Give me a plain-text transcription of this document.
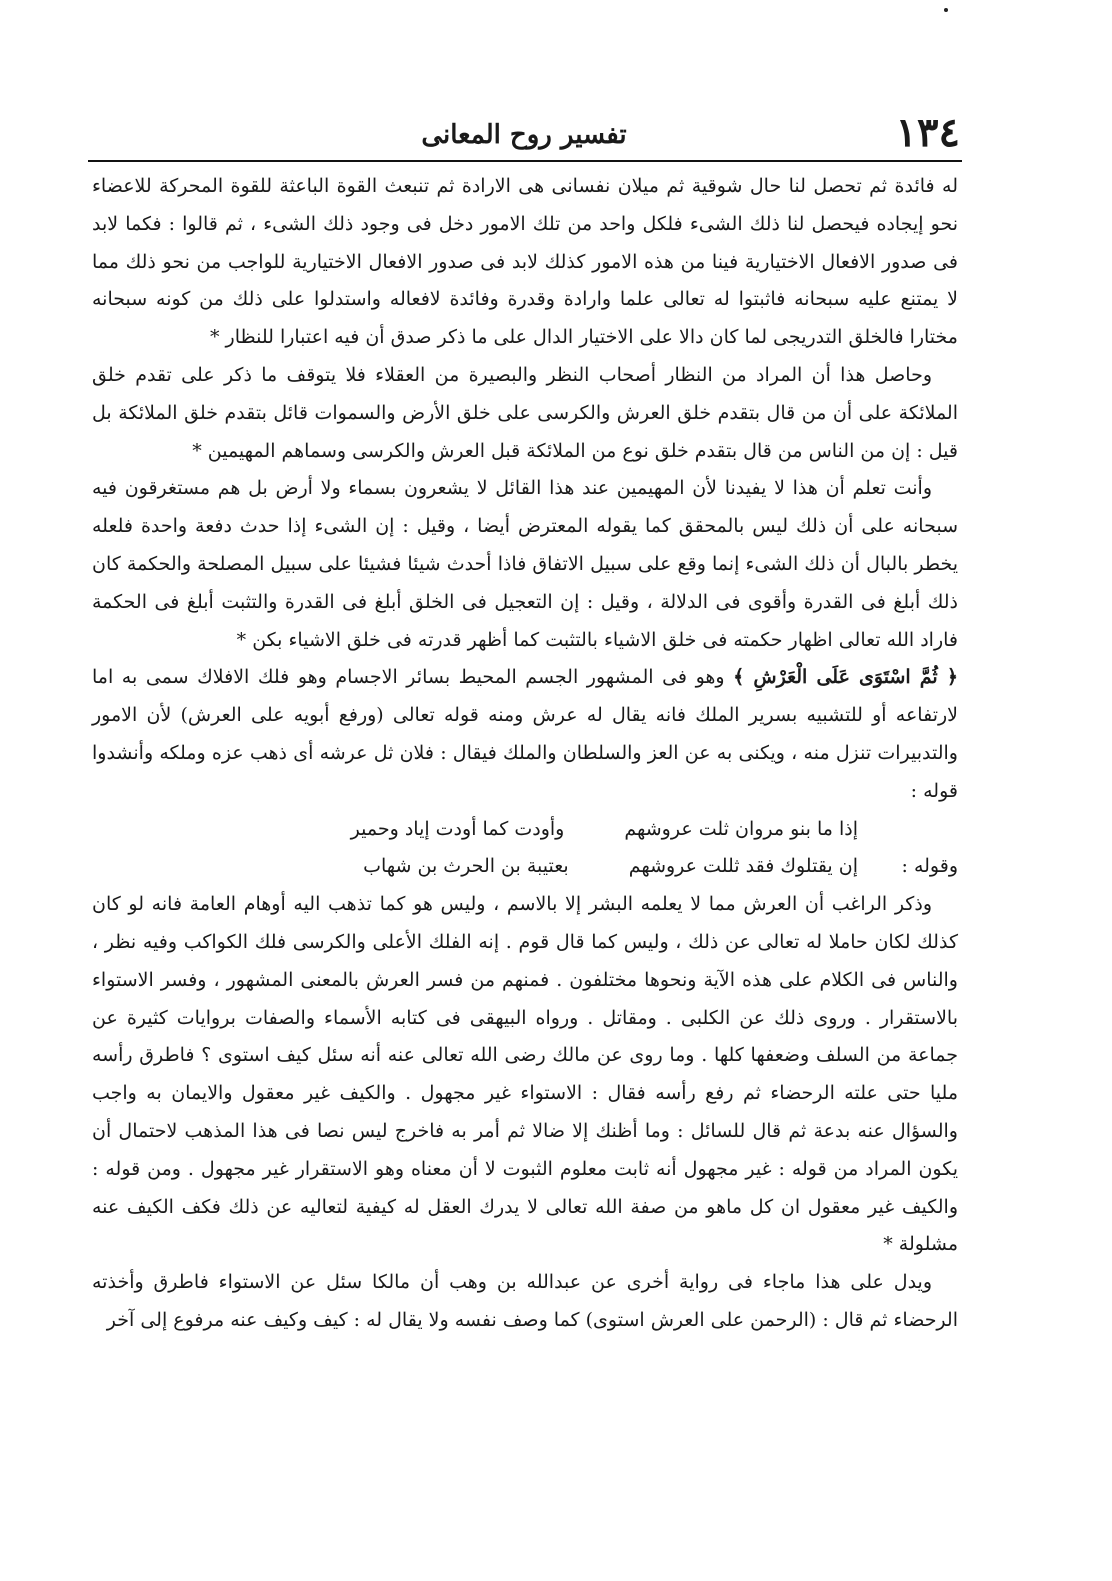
١٣٤
تفسير روح المعانى

له فائدة ثم تحصل لنا حال شوقية ثم ميلان نفسانى هى الارادة ثم تنبعث القوة الباعثة للقوة المحركة للاعضاء نحو إيجاده فيحصل لنا ذلك الشىء فلكل واحد من تلك الامور دخل فى وجود ذلك الشىء ، ثم قالوا : فكما لابد فى صدور الافعال الاختيارية فينا من هذه الامور كذلك لابد فى صدور الافعال الاختيارية للواجب من نحو ذلك مما لا يمتنع عليه سبحانه فاثبتوا له تعالى علما وارادة وقدرة وفائدة لافعاله واستدلوا على ذلك من كونه سبحانه مختارا فالخلق التدريجى لما كان دالا على الاختيار الدال على ما ذكر صدق أن فيه اعتبارا للنظار *

وحاصل هذا أن المراد من النظار أصحاب النظر والبصيرة من العقلاء فلا يتوقف ما ذكر على تقدم خلق الملائكة على أن من قال بتقدم خلق العرش والكرسى على خلق الأرض والسموات قائل بتقدم خلق الملائكة بل قيل : إن من الناس من قال بتقدم خلق نوع من الملائكة قبل العرش والكرسى وسماهم المهيمين *

وأنت تعلم أن هذا لا يفيدنا لأن المهيمين عند هذا القائل لا يشعرون بسماء ولا أرض بل هم مستغرقون فيه سبحانه على أن ذلك ليس بالمحقق كما يقوله المعترض أيضا ، وقيل : إن الشىء إذا حدث دفعة واحدة فلعله يخطر بالبال أن ذلك الشىء إنما وقع على سبيل الاتفاق فاذا أحدث شيئا فشيئا على سبيل المصلحة والحكمة كان ذلك أبلغ فى القدرة وأقوى فى الدلالة ، وقيل : إن التعجيل فى الخلق أبلغ فى القدرة والتثبت أبلغ فى الحكمة فاراد الله تعالى اظهار حكمته فى خلق الاشياء بالتثبت كما أظهر قدرته فى خلق الاشياء بكن *

﴿ ثُمَّ اسْتَوَى عَلَى الْعَرْشِ ﴾ وهو فى المشهور الجسم المحيط بسائر الاجسام وهو فلك الافلاك سمى به اما لارتفاعه أو للتشبيه بسرير الملك فانه يقال له عرش ومنه قوله تعالى (ورفع أبويه على العرش) لأن الامور والتدبيرات تنزل منه ، ويكنى به عن العز والسلطان والملك فيقال : فلان ثل عرشه أى ذهب عزه وملكه وأنشدوا قوله :

إذا ما بنو مروان ثلت عروشهم
وأودت كما أودت إياد وحمير
وقوله :
إن يقتلوك فقد ثللت عروشهم
بعتيبة بن الحرث بن شهاب

وذكر الراغب أن العرش مما لا يعلمه البشر إلا بالاسم ، وليس هو كما تذهب اليه أوهام العامة فانه لو كان كذلك لكان حاملا له تعالى عن ذلك ، وليس كما قال قوم . إنه الفلك الأعلى والكرسى فلك الكواكب وفيه نظر ، والناس فى الكلام على هذه الآية ونحوها مختلفون . فمنهم من فسر العرش بالمعنى المشهور ، وفسر الاستواء بالاستقرار . وروى ذلك عن الكلبى . ومقاتل . ورواه البيهقى فى كتابه الأسماء والصفات بروايات كثيرة عن جماعة من السلف وضعفها كلها . وما روى عن مالك رضى الله تعالى عنه أنه سئل كيف استوى ؟ فاطرق رأسه مليا حتى علته الرحضاء ثم رفع رأسه فقال : الاستواء غير مجهول . والكيف غير معقول والايمان به واجب والسؤال عنه بدعة ثم قال للسائل : وما أظنك إلا ضالا ثم أمر به فاخرج ليس نصا فى هذا المذهب لاحتمال أن يكون المراد من قوله : غير مجهول أنه ثابت معلوم الثبوت لا أن معناه وهو الاستقرار غير مجهول . ومن قوله : والكيف غير معقول ان كل ماهو من صفة الله تعالى لا يدرك العقل له كيفية لتعاليه عن ذلك فكف الكيف عنه مشلولة *

ويدل على هذا ماجاء فى رواية أخرى عن عبدالله بن وهب أن مالكا سئل عن الاستواء فاطرق وأخذته الرحضاء ثم قال : (الرحمن على العرش استوى) كما وصف نفسه ولا يقال له : كيف وكيف عنه مرفوع إلى آخر
